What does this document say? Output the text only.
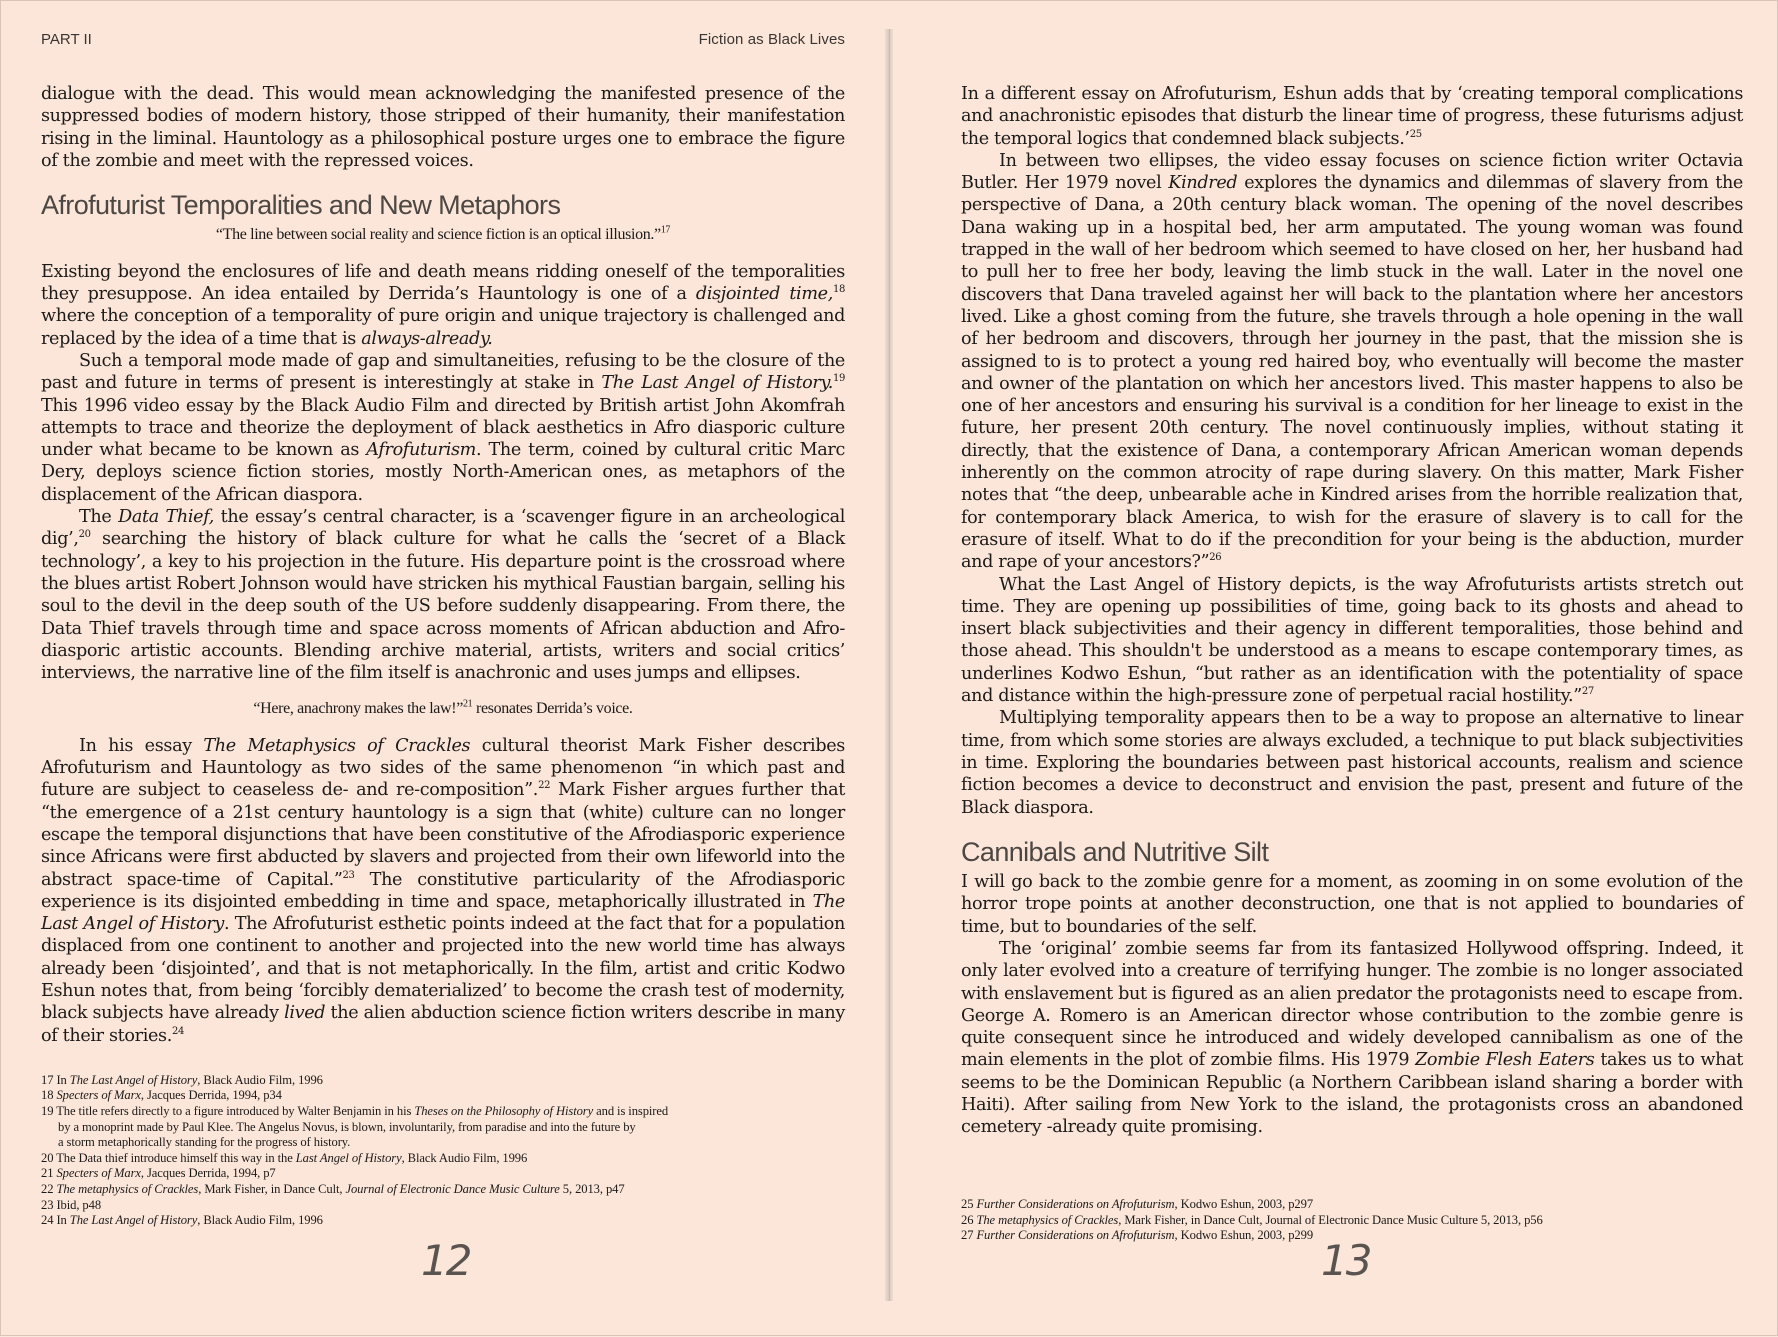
PART II	Fiction as Black Lives

dialogue with the dead. This would mean acknowledging the manifested presence of the suppressed bodies of modern history, those stripped of their humanity, their manifestation rising in the liminal. Hauntology as a philosophical posture urges one to embrace the figure of the zombie and meet with the repressed voices.

Afrofuturist Temporalities and New Metaphors
“The line between social reality and science fiction is an optical illusion.”$^{17}$

Existing beyond the enclosures of life and death means ridding oneself of the temporalities they presuppose. An idea entailed by Derrida’s Hauntology is one of a disjointed time,$^{18}$ where the conception of a temporality of pure origin and unique trajectory is challenged and replaced by the idea of a time that is always-already.

Such a temporal mode made of gap and simultaneities, refusing to be the closure of the past and future in terms of present is interestingly at stake in The Last Angel of History.$^{19}$ This 1996 video essay by the Black Audio Film and directed by British artist John Akomfrah attempts to trace and theorize the deployment of black aesthetics in Afro diasporic culture under what became to be known as Afrofuturism. The term, coined by cultural critic Marc Dery, deploys science fiction stories, mostly North-American ones, as metaphors of the displacement of the African diaspora.

The Data Thief, the essay’s central character, is a ‘scavenger figure in an archeological dig’,$^{20}$ searching the history of black culture for what he calls the ‘secret of a Black technology’, a key to his projection in the future. His departure point is the crossroad where the blues artist Robert Johnson would have stricken his mythical Faustian bargain, selling his soul to the devil in the deep south of the US before suddenly disappearing. From there, the Data Thief travels through time and space across moments of African abduction and Afro-diasporic artistic accounts. Blending archive material, artists, writers and social critics’ interviews, the narrative line of the film itself is anachronic and uses jumps and ellipses.

“Here, anachrony makes the law!”$^{21}$ resonates Derrida’s voice.

In his essay The Metaphysics of Crackles cultural theorist Mark Fisher describes Afrofuturism and Hauntology as two sides of the same phenomenon “in which past and future are subject to ceaseless de- and re-composition”.$^{22}$ Mark Fisher argues further that “the emergence of a 21st century hauntology is a sign that (white) culture can no longer escape the temporal disjunctions that have been constitutive of the Afrodiasporic experience since Africans were first abducted by slavers and projected from their own lifeworld into the abstract space-time of Capital.”$^{23}$ The constitutive particularity of the Afrodiasporic experience is its disjointed embedding in time and space, metaphorically illustrated in The Last Angel of History. The Afrofuturist esthetic points indeed at the fact that for a population displaced from one continent to another and projected into the new world time has always already been ‘disjointed’, and that is not metaphorically. In the film, artist and critic Kodwo Eshun notes that, from being ‘forcibly dematerialized’ to become the crash test of modernity, black subjects have already lived the alien abduction science fiction writers describe in many of their stories.$^{24}$

17 In The Last Angel of History, Black Audio Film, 1996
18 Specters of Marx, Jacques Derrida, 1994, p34
19 The title refers directly to a figure introduced by Walter Benjamin in his Theses on the Philosophy of History and is inspired
by a monoprint made by Paul Klee. The Angelus Novus, is blown, involuntarily, from paradise and into the future by
a storm metaphorically standing for the progress of history.
20 The Data thief introduce himself this way in the Last Angel of History, Black Audio Film, 1996
21 Specters of Marx, Jacques Derrida, 1994, p7
22 The metaphysics of Crackles, Mark Fisher, in Dance Cult, Journal of Electronic Dance Music Culture 5, 2013, p47
23 Ibid, p48
24 In The Last Angel of History, Black Audio Film, 1996
12

In a different essay on Afrofuturism, Eshun adds that by ‘creating temporal complications and anachronistic episodes that disturb the linear time of progress, these futurisms adjust the temporal logics that condemned black subjects.’$^{25}$

In between two ellipses, the video essay focuses on science fiction writer Octavia Butler. Her 1979 novel Kindred explores the dynamics and dilemmas of slavery from the perspective of Dana, a 20th century black woman. The opening of the novel describes Dana waking up in a hospital bed, her arm amputated. The young woman was found trapped in the wall of her bedroom which seemed to have closed on her, her husband had to pull her to free her body, leaving the limb stuck in the wall. Later in the novel one discovers that Dana traveled against her will back to the plantation where her ancestors lived. Like a ghost coming from the future, she travels through a hole opening in the wall of her bedroom and discovers, through her journey in the past, that the mission she is assigned to is to protect a young red haired boy, who eventually will become the master and owner of the plantation on which her ancestors lived. This master happens to also be one of her ancestors and ensuring his survival is a condition for her lineage to exist in the future, her present 20th century. The novel continuously implies, without stating it directly, that the existence of Dana, a contemporary African American woman depends inherently on the common atrocity of rape during slavery. On this matter, Mark Fisher notes that “the deep, unbearable ache in Kindred arises from the horrible realization that, for contemporary black America, to wish for the erasure of slavery is to call for the erasure of itself. What to do if the precondition for your being is the abduction, murder and rape of your ancestors?”$^{26}$

What the Last Angel of History depicts, is the way Afrofuturists artists stretch out time. They are opening up possibilities of time, going back to its ghosts and ahead to insert black subjectivities and their agency in different temporalities, those behind and those ahead. This shouldn't be understood as a means to escape contemporary times, as underlines Kodwo Eshun, “but rather as an identification with the potentiality of space and distance within the high-pressure zone of perpetual racial hostility.”$^{27}$

Multiplying temporality appears then to be a way to propose an alternative to linear time, from which some stories are always excluded, a technique to put black subjectivities in time. Exploring the boundaries between past historical accounts, realism and science fiction becomes a device to deconstruct and envision the past, present and future of the Black diaspora.

Cannibals and Nutritive Silt

I will go back to the zombie genre for a moment, as zooming in on some evolution of the horror trope points at another deconstruction, one that is not applied to boundaries of time, but to boundaries of the self.

The ‘original’ zombie seems far from its fantasized Hollywood offspring. Indeed, it only later evolved into a creature of terrifying hunger. The zombie is no longer associated with enslavement but is figured as an alien predator the protagonists need to escape from. George A. Romero is an American director whose contribution to the zombie genre is quite consequent since he introduced and widely developed cannibalism as one of the main elements in the plot of zombie films. His 1979 Zombie Flesh Eaters takes us to what seems to be the Dominican Republic (a Northern Caribbean island sharing a border with Haiti). After sailing from New York to the island, the protagonists cross an abandoned cemetery -already quite promising.

25 Further Considerations on Afrofuturism, Kodwo Eshun, 2003, p297
26 The metaphysics of Crackles, Mark Fisher, in Dance Cult, Journal of Electronic Dance Music Culture 5, 2013, p56
27 Further Considerations on Afrofuturism, Kodwo Eshun, 2003, p299
13
